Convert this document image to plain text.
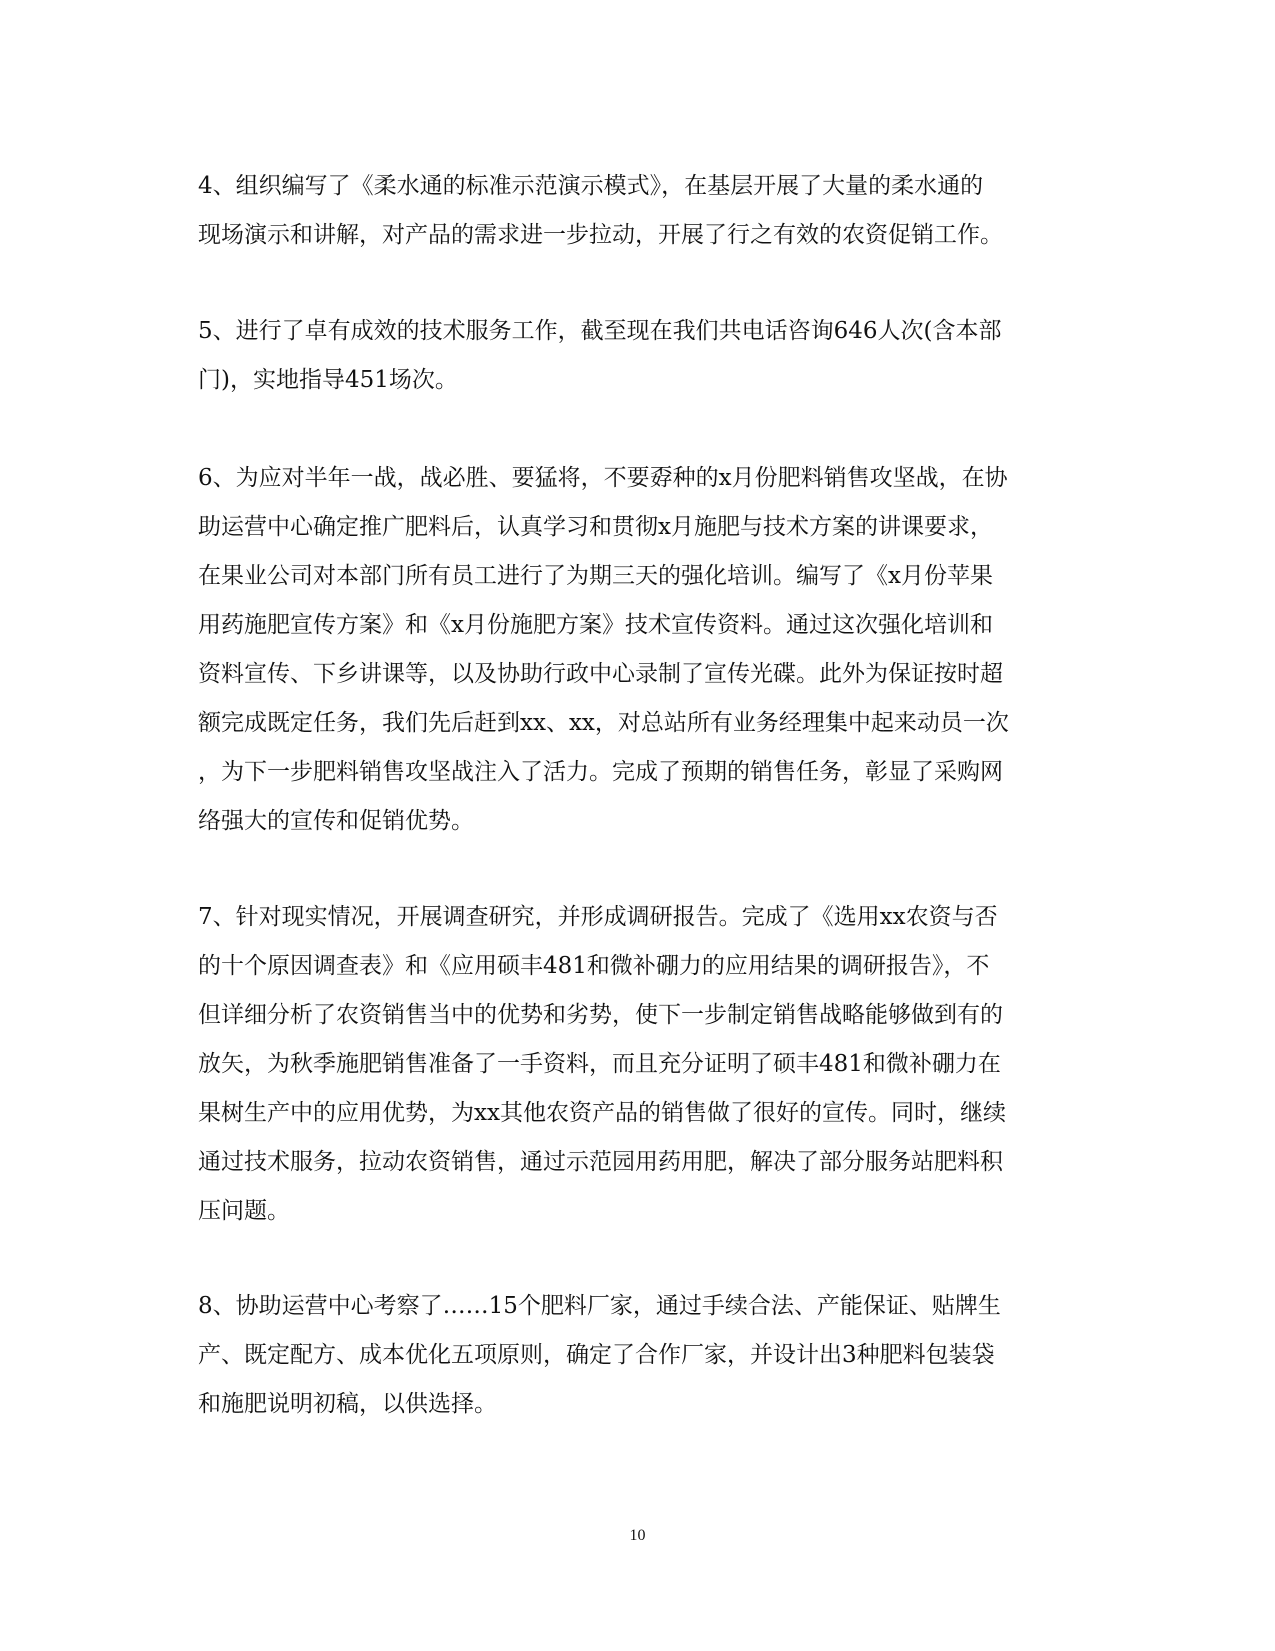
4、组织编写了《柔水通的标准示范演示模式》，在基层开展了大量的柔水通的
现场演示和讲解，对产品的需求进一步拉动，开展了行之有效的农资促销工作。
5、进行了卓有成效的技术服务工作，截至现在我们共电话咨询646人次(含本部
门)，实地指导451场次。
6、为应对半年一战，战必胜、要猛将，不要孬种的x月份肥料销售攻坚战，在协
助运营中心确定推广肥料后，认真学习和贯彻x月施肥与技术方案的讲课要求，
在果业公司对本部门所有员工进行了为期三天的强化培训。编写了《x月份苹果
用药施肥宣传方案》和《x月份施肥方案》技术宣传资料。通过这次强化培训和
资料宣传、下乡讲课等，以及协助行政中心录制了宣传光碟。此外为保证按时超
额完成既定任务，我们先后赶到xx、xx，对总站所有业务经理集中起来动员一次
，为下一步肥料销售攻坚战注入了活力。完成了预期的销售任务，彰显了采购网
络强大的宣传和促销优势。
7、针对现实情况，开展调查研究，并形成调研报告。完成了《选用xx农资与否
的十个原因调查表》和《应用硕丰481和微补硼力的应用结果的调研报告》，不
但详细分析了农资销售当中的优势和劣势，使下一步制定销售战略能够做到有的
放矢，为秋季施肥销售准备了一手资料，而且充分证明了硕丰481和微补硼力在
果树生产中的应用优势，为xx其他农资产品的销售做了很好的宣传。同时，继续
通过技术服务，拉动农资销售，通过示范园用药用肥，解决了部分服务站肥料积
压问题。
8、协助运营中心考察了……15个肥料厂家，通过手续合法、产能保证、贴牌生
产、既定配方、成本优化五项原则，确定了合作厂家，并设计出3种肥料包装袋
和施肥说明初稿，以供选择。
10
